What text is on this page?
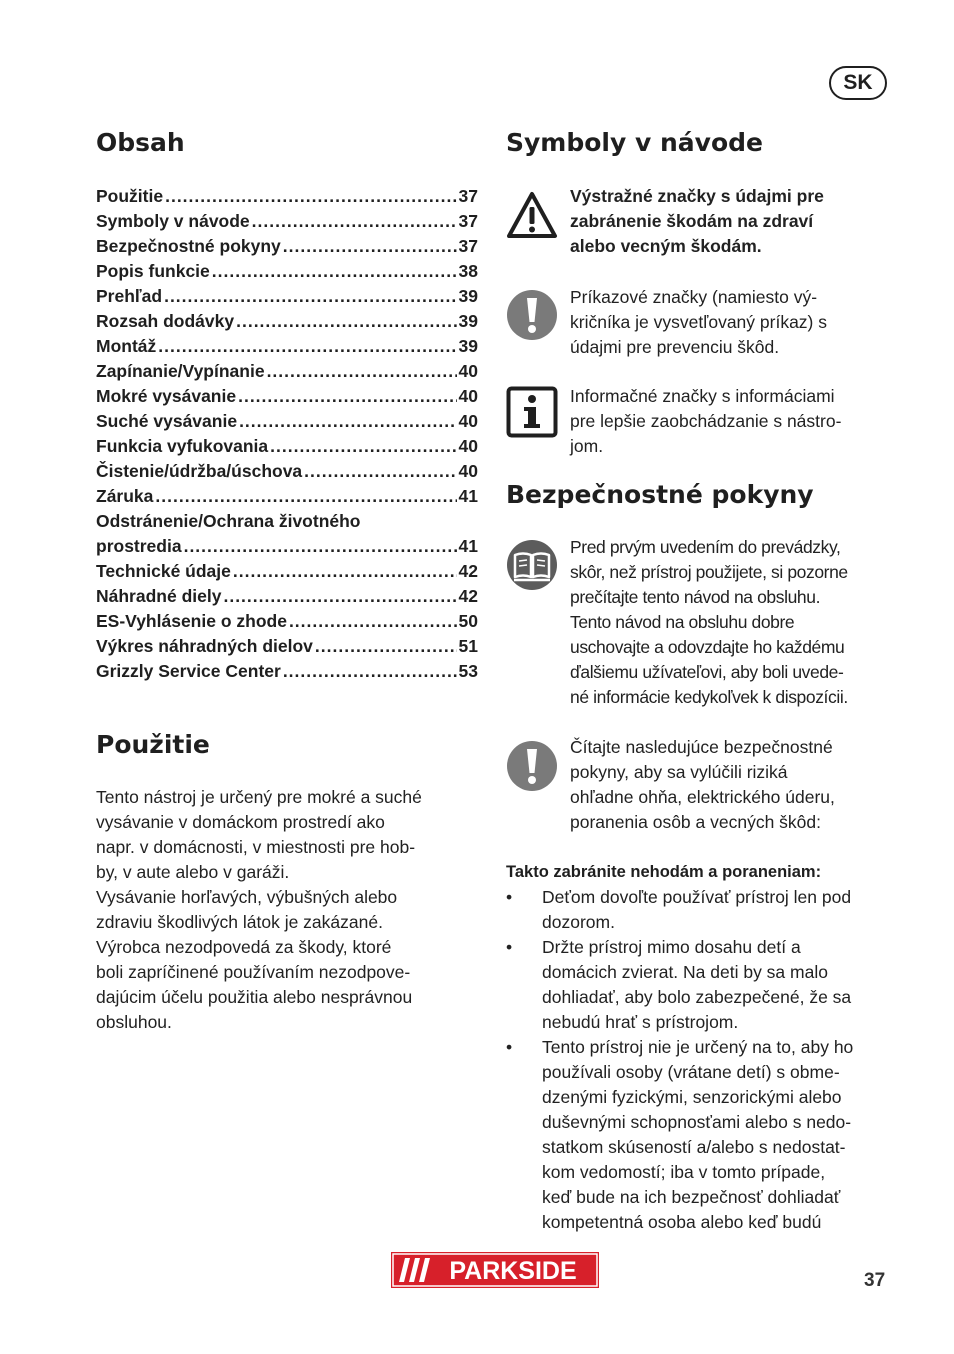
SK
Obsah
Použitie .....	37
Symboly v návode .....	37
Bezpečnostné pokyny .....	37
Popis funkcie .....	38
Prehľad .....	39
Rozsah dodávky .....	39
Montáž .....	39
Zapínanie/Vypínanie .....	40
Mokré vysávanie .....	40
Suché vysávanie .....	40
Funkcia vyfukovania .....	40
Čistenie/údržba/úschova .....	40
Záruka .....	41
Odstránenie/Ochrana životného
prostredia .....	41
Technické údaje .....	42
Náhradné diely .....	42
ES-Vyhlásenie o zhode .....	50
Výkres náhradných dielov .....	51
Grizzly Service Center .....	53
Použitie
Tento nástroj je určený pre mokré a suché
vysávanie v domáckom prostredí ako
napr. v domácnosti, v miestnosti pre hob-
by, v aute alebo v garáži.
Vysávanie horľavých, výbušných alebo
zdraviu škodlivých látok je zakázané.
Výrobca nezodpovedá za škody, ktoré
boli zapríčinené používaním nezodpove-
dajúcim účelu použitia alebo nesprávnou
obsluhou.
Symboly v návode
Výstražné značky s údajmi pre
zabránenie škodám na zdraví
alebo vecným škodám.
Príkazové značky (namiesto vý-
kričníka je vysvetľovaný príkaz) s
údajmi pre prevenciu škôd.
Informačné značky s informáciami
pre lepšie zaobchádzanie s nástro-
jom.
Bezpečnostné pokyny
Pred prvým uvedením do prevádzky,
skôr, než prístroj použijete, si pozorne
prečítajte tento návod na obsluhu.
Tento návod na obsluhu dobre
uschovajte a odovzdajte ho každému
ďalšiemu užívateľovi, aby boli uvede-
né informácie kedykoľvek k dispozícii.
Čítajte nasledujúce bezpečnostné
pokyny, aby sa vylúčili riziká
ohľadne ohňa, elektrického úderu,
poranenia osôb a vecných škôd:
Takto zabránite nehodám a poraneniam:
• Deťom dovoľte používať prístroj len pod
dozorom.
• Držte prístroj mimo dosahu detí a
domácich zvierat. Na deti by sa malo
dohliadať, aby bolo zabezpečené, že sa
nebudú hrať s prístrojom.
• Tento prístroj nie je určený na to, aby ho
používali osoby (vrátane detí) s obme-
dzenými fyzickými, senzorickými alebo
duševnými schopnosťami alebo s nedo-
statkom skúseností a/alebo s nedostat-
kom vedomostí; iba v tomto prípade,
keď bude na ich bezpečnosť dohliadať
kompetentná osoba alebo keď budú
PARKSIDE	37
